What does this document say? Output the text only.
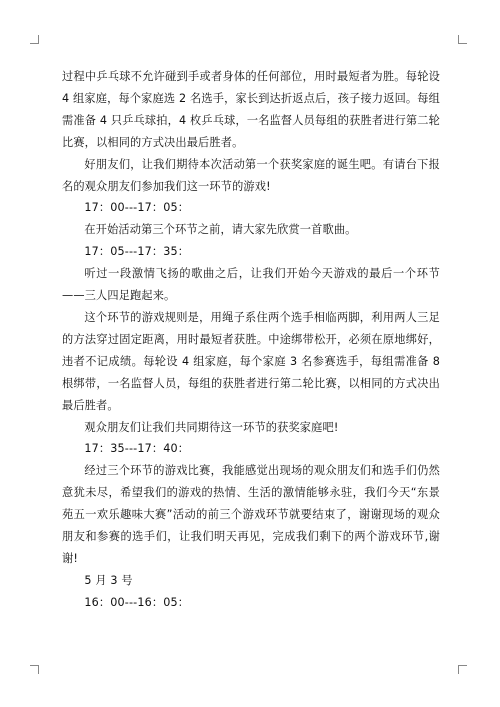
过程中乒乓球不允许碰到手或者身体的任何部位，用时最短者为胜。每轮设 4 组家庭，每个家庭选 2 名选手，家长到达折返点后，孩子接力返回。每组需准备 4 只乒乓球拍，4 枚乒乓球，一名监督人员每组的获胜者进行第二轮比赛，以相同的方式决出最后胜者。

好朋友们，让我们期待本次活动第一个获奖家庭的诞生吧。有请台下报名的观众朋友们参加我们这一环节的游戏!

17：00---17：05：

在开始活动第三个环节之前，请大家先欣赏一首歌曲。

17：05---17：35：

听过一段激情飞扬的歌曲之后，让我们开始今天游戏的最后一个环节——三人四足跑起来。

这个环节的游戏规则是，用绳子系住两个选手相临两脚，利用两人三足的方法穿过固定距离，用时最短者获胜。中途绑带松开，必须在原地绑好，违者不记成绩。每轮设 4 组家庭，每个家庭 3 名参赛选手，每组需准备 8 根绑带，一名监督人员，每组的获胜者进行第二轮比赛，以相同的方式决出最后胜者。

观众朋友们让我们共同期待这一环节的获奖家庭吧!

17：35---17：40：

经过三个环节的游戏比赛，我能感觉出现场的观众朋友们和选手们仍然意犹未尽，希望我们的游戏的热情、生活的激情能够永驻，我们今天“东景苑五一欢乐趣味大赛”活动的前三个游戏环节就要结束了，谢谢现场的观众朋友和参赛的选手们，让我们明天再见，完成我们剩下的两个游戏环节,谢谢!

5 月 3 号

16：00---16：05：
